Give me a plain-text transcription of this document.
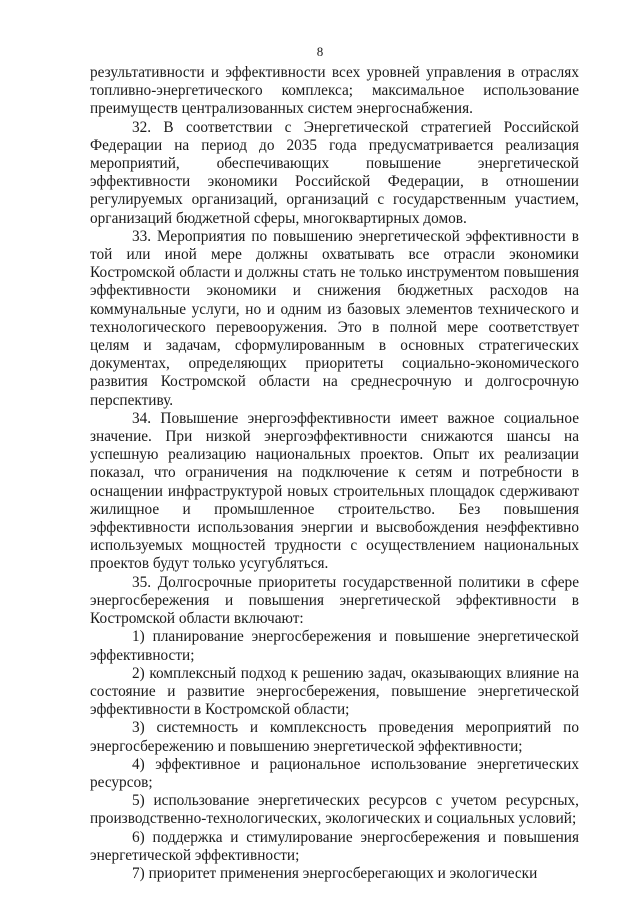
8

результативности и эффективности всех уровней управления в отраслях топливно-энергетического комплекса; максимальное использование преимуществ централизованных систем энергоснабжения.

32. В соответствии с Энергетической стратегией Российской Федерации на период до 2035 года предусматривается реализация мероприятий, обеспечивающих повышение энергетической эффективности экономики Российской Федерации, в отношении регулируемых организаций, организаций с государственным участием, организаций бюджетной сферы, многоквартирных домов.

33. Мероприятия по повышению энергетической эффективности в той или иной мере должны охватывать все отрасли экономики Костромской области и должны стать не только инструментом повышения эффективности экономики и снижения бюджетных расходов на коммунальные услуги, но и одним из базовых элементов технического и технологического перевооружения. Это в полной мере соответствует целям и задачам, сформулированным в основных стратегических документах, определяющих приоритеты социально-экономического развития Костромской области на среднесрочную и долгосрочную перспективу.

34. Повышение энергоэффективности имеет важное социальное значение. При низкой энергоэффективности снижаются шансы на успешную реализацию национальных проектов. Опыт их реализации показал, что ограничения на подключение к сетям и потребности в оснащении инфраструктурой новых строительных площадок сдерживают жилищное и промышленное строительство. Без повышения эффективности использования энергии и высвобождения неэффективно используемых мощностей трудности с осуществлением национальных проектов будут только усугубляться.

35. Долгосрочные приоритеты государственной политики в сфере энергосбережения и повышения энергетической эффективности в Костромской области включают:

1) планирование энергосбережения и повышение энергетической эффективности;

2) комплексный подход к решению задач, оказывающих влияние на состояние и развитие энергосбережения, повышение энергетической эффективности в Костромской области;

3) системность и комплексность проведения мероприятий по энергосбережению и повышению энергетической эффективности;

4) эффективное и рациональное использование энергетических ресурсов;

5) использование энергетических ресурсов с учетом ресурсных, производственно-технологических, экологических и социальных условий;

6) поддержка и стимулирование энергосбережения и повышения энергетической эффективности;

7) приоритет применения энергосберегающих и экологически
